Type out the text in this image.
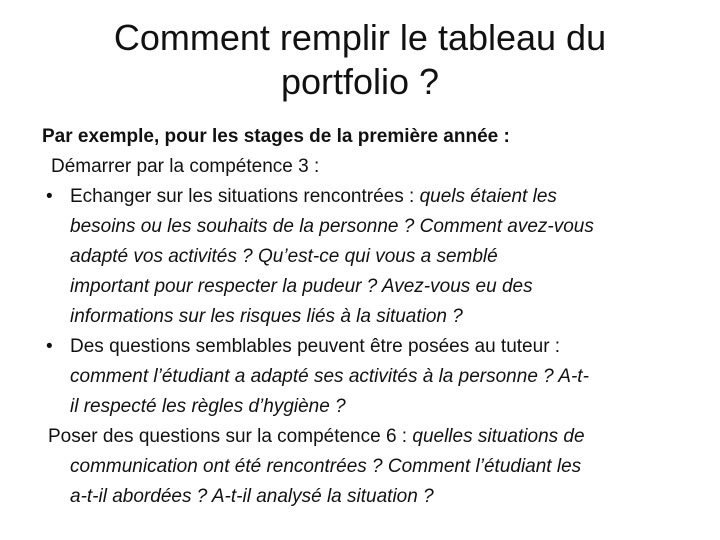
Comment remplir le tableau du
portfolio ?

Par exemple, pour les stages de la première année :

Démarrer par la compétence 3 :

• Echanger sur les situations rencontrées : quels étaient les

besoins ou les souhaits de la personne ? Comment avez-vous

adapté vos activités ? Qu’est-ce qui vous a semblé

important pour respecter la pudeur ? Avez-vous eu des

informations sur les risques liés à la situation ?

• Des questions semblables peuvent être posées au tuteur :

comment l’étudiant a adapté ses activités à la personne ? A-t-

il respecté les règles d’hygiène ?

Poser des questions sur la compétence 6 : quelles situations de

communication ont été rencontrées ? Comment l’étudiant les

a-t-il abordées ? A-t-il analysé la situation ?
